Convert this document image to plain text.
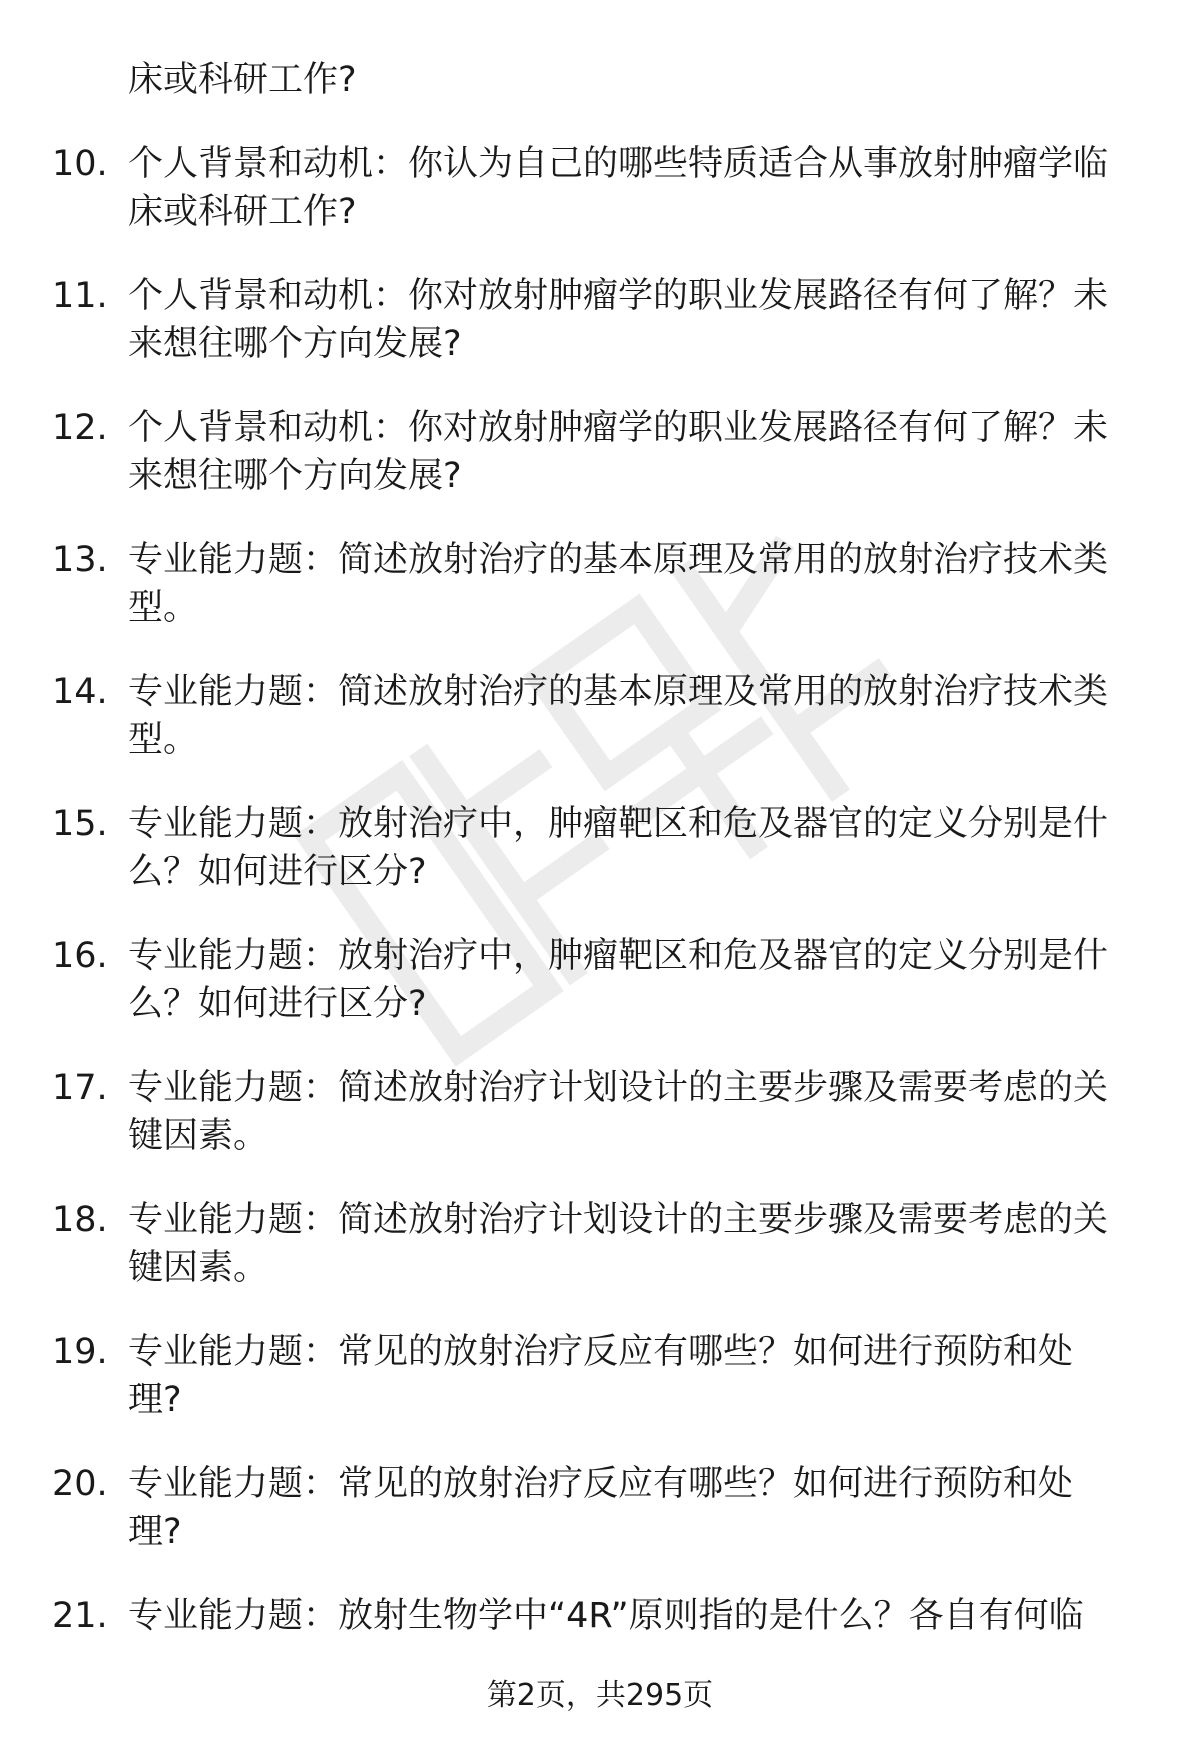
床或科研工作?
10. 个人背景和动机：你认为自己的哪些特质适合从事放射肿瘤学临
床或科研工作?
11. 个人背景和动机：你对放射肿瘤学的职业发展路径有何了解？未
来想往哪个方向发展?
12. 个人背景和动机：你对放射肿瘤学的职业发展路径有何了解？未
来想往哪个方向发展?
13. 专业能力题：简述放射治疗的基本原理及常用的放射治疗技术类
型。
14. 专业能力题：简述放射治疗的基本原理及常用的放射治疗技术类
型。
15. 专业能力题：放射治疗中，肿瘤靶区和危及器官的定义分别是什
么？如何进行区分?
16. 专业能力题：放射治疗中，肿瘤靶区和危及器官的定义分别是什
么？如何进行区分?
17. 专业能力题：简述放射治疗计划设计的主要步骤及需要考虑的关
键因素。
18. 专业能力题：简述放射治疗计划设计的主要步骤及需要考虑的关
键因素。
19. 专业能力题：常见的放射治疗反应有哪些？如何进行预防和处
理?
20. 专业能力题：常见的放射治疗反应有哪些？如何进行预防和处
理?
21. 专业能力题：放射生物学中“4R”原则指的是什么？各自有何临
第2页，共295页
